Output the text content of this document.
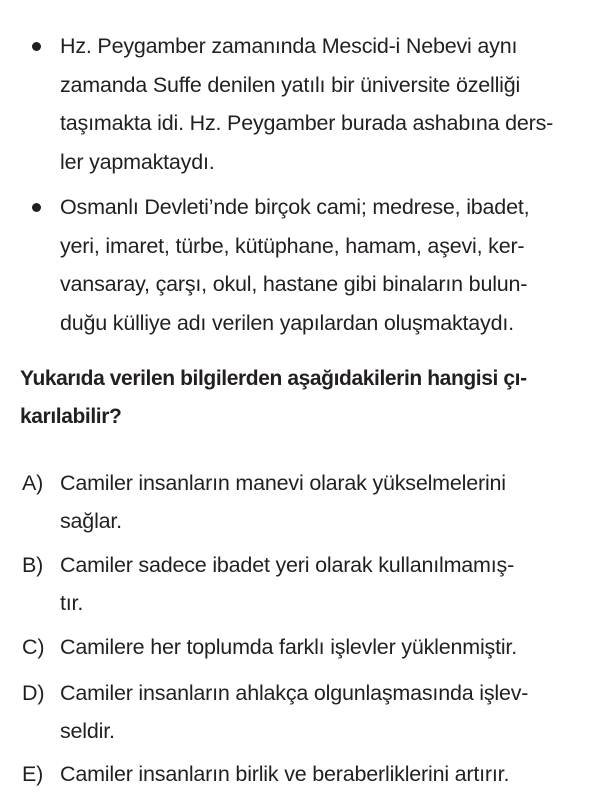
Hz. Peygamber zamanında Mescid-i Nebevi aynı
zamanda Suffe denilen yatılı bir üniversite özelliği
taşımakta idi. Hz. Peygamber burada ashabına ders-
ler yapmaktaydı.
Osmanlı Devleti’nde birçok cami; medrese, ibadet,
yeri, imaret, türbe, kütüphane, hamam, aşevi, ker-
vansaray, çarşı, okul, hastane gibi binaların bulun-
duğu külliye adı verilen yapılardan oluşmaktaydı.
Yukarıda verilen bilgilerden aşağıdakilerin hangisi çı-
karılabilir?
A) Camiler insanların manevi olarak yükselmelerini
sağlar.
B) Camiler sadece ibadet yeri olarak kullanılmamış-
tır.
C) Camilere her toplumda farklı işlevler yüklenmiştir.
D) Camiler insanların ahlakça olgunlaşmasında işlev-
seldir.
E) Camiler insanların birlik ve beraberliklerini artırır.
